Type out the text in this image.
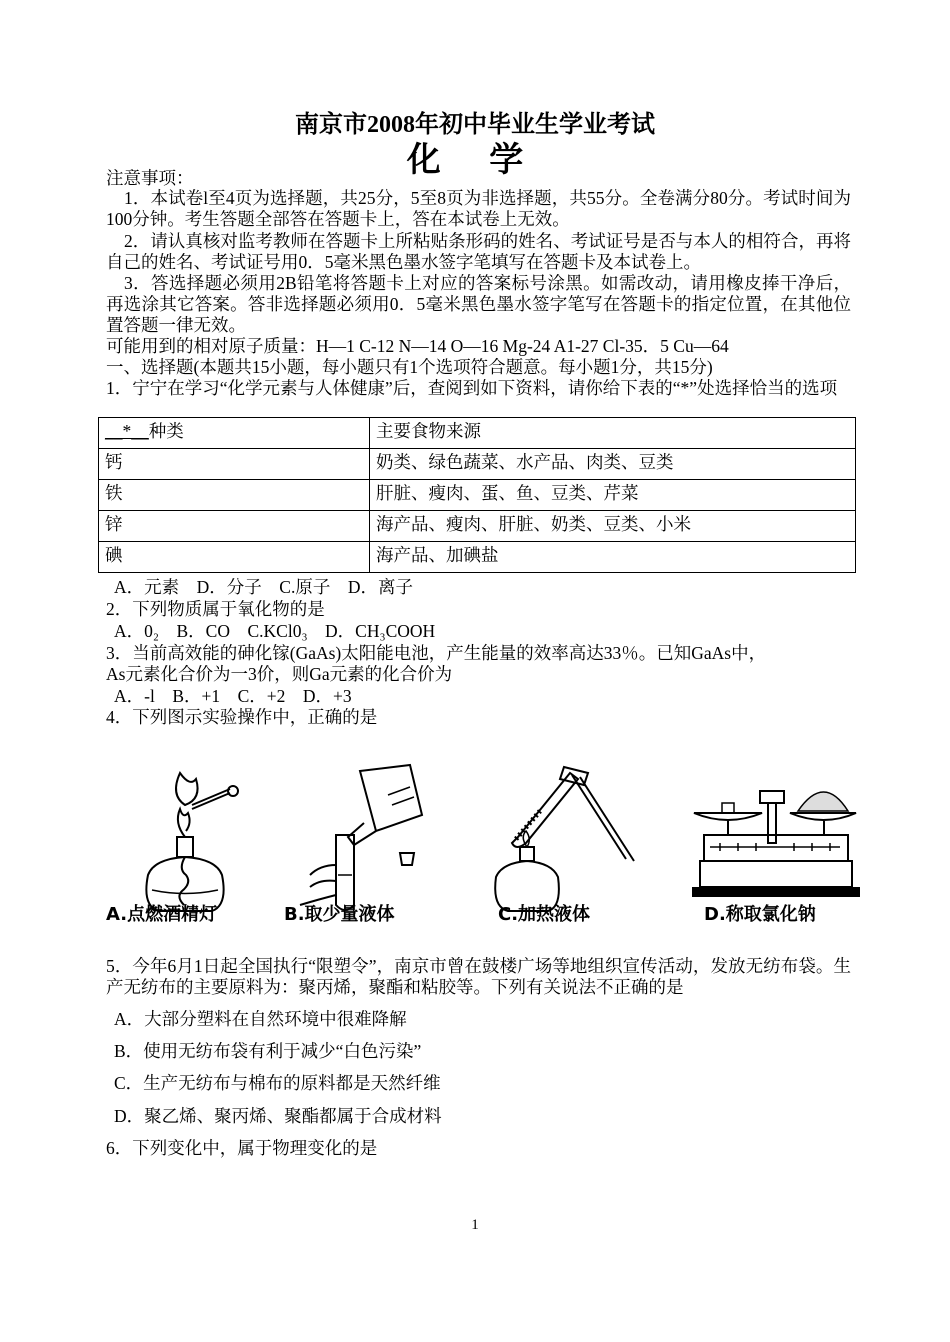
南京市2008年初中毕业生学业考试
化 学
注意事项：
1．本试卷l至4页为选择题，共25分，5至8页为非选择题，共55分。全卷满分80分。考试时间为100分钟。考生答题全部答在答题卡上，答在本试卷上无效。
2．请认真核对监考教师在答题卡上所粘贴条形码的姓名、考试证号是否与本人的相符合，再将自己的姓名、考试证号用0．5毫米黑色墨水签字笔填写在答题卡及本试卷上。
3．答选择题必须用2B铅笔将答题卡上对应的答案标号涂黑。如需改动，请用橡皮捧干净后，再选涂其它答案。答非选择题必须用0．5毫米黑色墨水签字笔写在答题卡的指定位置，在其他位置答题一律无效。
可能用到的相对原子质量：H—1 C-12 N—14 O—16 Mg-24 A1-27 Cl-35．5 Cu—64
一、选择题(本题共15小题，每小题只有1个选项符合题意。每小题1分，共15分)
1．宁宁在学习“化学元素与人体健康”后，查阅到如下资料，请你给下表的“*”处选择恰当的选项
__*__种类	主要食物来源
钙	奶类、绿色蔬菜、水产品、肉类、豆类
铁	肝脏、瘦肉、蛋、鱼、豆类、芹菜
锌	海产品、瘦肉、肝脏、奶类、豆类、小米
碘	海产品、加碘盐
A．元素　D．分子　C.原子　D．离子
2．下列物质属于氧化物的是
A．0₂　B．CO　C.KCl0₃　D．CH₃COOH
3．当前高效能的砷化镓(GaAs)太阳能电池，产生能量的效率高达33％。已知GaAs中，
As元素化合价为一3价，则Ga元素的化合价为
A．-l　B．+1　C．+2　D．+3
4．下列图示实验操作中，正确的是
A.点燃酒精灯	B.取少量液体	C.加热液体	D.称取氯化钠
5．今年6月1日起全国执行“限塑令”，南京市曾在鼓楼广场等地组织宣传活动，发放无纺布袋。生产无纺布的主要原料为：聚丙烯，聚酯和粘胶等。下列有关说法不正确的是
A．大部分塑料在自然环境中很难降解
B．使用无纺布袋有利于减少“白色污染”
C．生产无纺布与棉布的原料都是天然纤维
D．聚乙烯、聚丙烯、聚酯都属于合成材料
6．下列变化中，属于物理变化的是
1
